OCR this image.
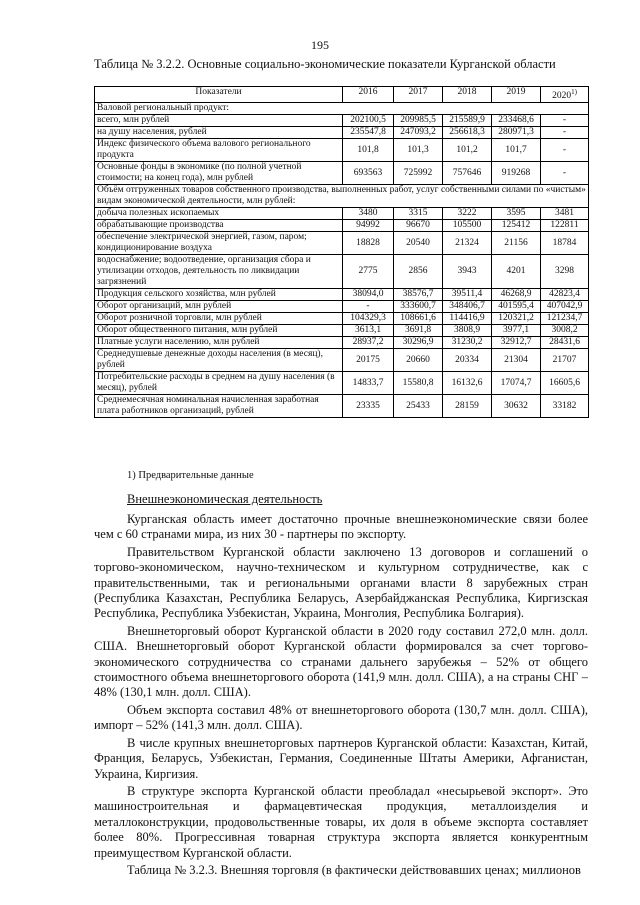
195
Таблица № 3.2.2. Основные социально-экономические показатели Курганской области
Показатели	2016	2017	2018	2019	2020$^{1)}$
Валовой региональный продукт:					
всего, млн рублей	202100,5	209985,5	215589,9	233468,6	-
на душу населения, рублей	235547,8	247093,2	256618,3	280971,3	-
Индекс физического объема валового регионального продукта	101,8	101,3	101,2	101,7	-
Основные фонды в экономике (по полной учетной стоимости; на конец года), млн рублей	693563	725992	757646	919268	-
Объём отгруженных товаров собственного производства, выполненных работ, услуг собственными силами по «чистым» видам экономической деятельности, млн рублей:					
добыча полезных ископаемых	3480	3315	3222	3595	3481
обрабатывающие производства	94992	96670	105500	125412	122811
обеспечение электрической энергией, газом, паром; кондиционирование воздуха	18828	20540	21324	21156	18784
водоснабжение; водоотведение, организация сбора и утилизации отходов, деятельность по ликвидации загрязнений	2775	2856	3943	4201	3298
Продукция сельского хозяйства, млн рублей	38094,0	38576,7	39511,4	46268,9	42823,4
Оборот организаций, млн рублей	-	333600,7	348406,7	401595,4	407042,9
Оборот розничной торговли, млн рублей	104329,3	108661,6	114416,9	120321,2	121234,7
Оборот общественного питания, млн рублей	3613,1	3691,8	3808,9	3977,1	3008,2
Платные услуги населению, млн рублей	28937,2	30296,9	31230,2	32912,7	28431,6
Среднедушевые денежные доходы населения (в месяц), рублей	20175	20660	20334	21304	21707
Потребительские расходы в среднем на душу населения (в месяц), рублей	14833,7	15580,8	16132,6	17074,7	16605,6
Среднемесячная номинальная начисленная заработная плата работников организаций, рублей	23335	25433	28159	30632	33182
1) Предварительные данные
Внешнеэкономическая деятельность

Курганская область имеет достаточно прочные внешнеэкономические связи более чем с 60 странами мира, из них 30 - партнеры по экспорту.

Правительством Курганской области заключено 13 договоров и соглашений о торгово-экономическом, научно-техническом и культурном сотрудничестве, как с правительственными, так и региональными органами власти 8 зарубежных стран (Республика Казахстан, Республика Беларусь, Азербайджанская Республика, Киргизская Республика, Республика Узбекистан, Украина, Монголия, Республика Болгария).

Внешнеторговый оборот Курганской области в 2020 году составил 272,0 млн. долл. США. Внешнеторговый оборот Курганской области формировался за счет торгово-экономического сотрудничества со странами дальнего зарубежья – 52% от общего стоимостного объема внешнеторгового оборота (141,9 млн. долл. США), а на страны СНГ – 48% (130,1 млн. долл. США).

Объем экспорта составил 48% от внешнеторгового оборота (130,7 млн. долл. США), импорт – 52% (141,3 млн. долл. США).

В числе крупных внешнеторговых партнеров Курганской области: Казахстан, Китай, Франция, Беларусь, Узбекистан, Германия, Соединенные Штаты Америки, Афганистан, Украина, Киргизия.

В структуре экспорта Курганской области преобладал «несырьевой экспорт». Это машиностроительная и фармацевтическая продукция, металлоизделия и металлоконструкции, продовольственные товары, их доля в объеме экспорта составляет более 80%. Прогрессивная товарная структура экспорта является конкурентным преимуществом Курганской области.

Таблица № 3.2.3. Внешняя торговля (в фактически действовавших ценах; миллионов
